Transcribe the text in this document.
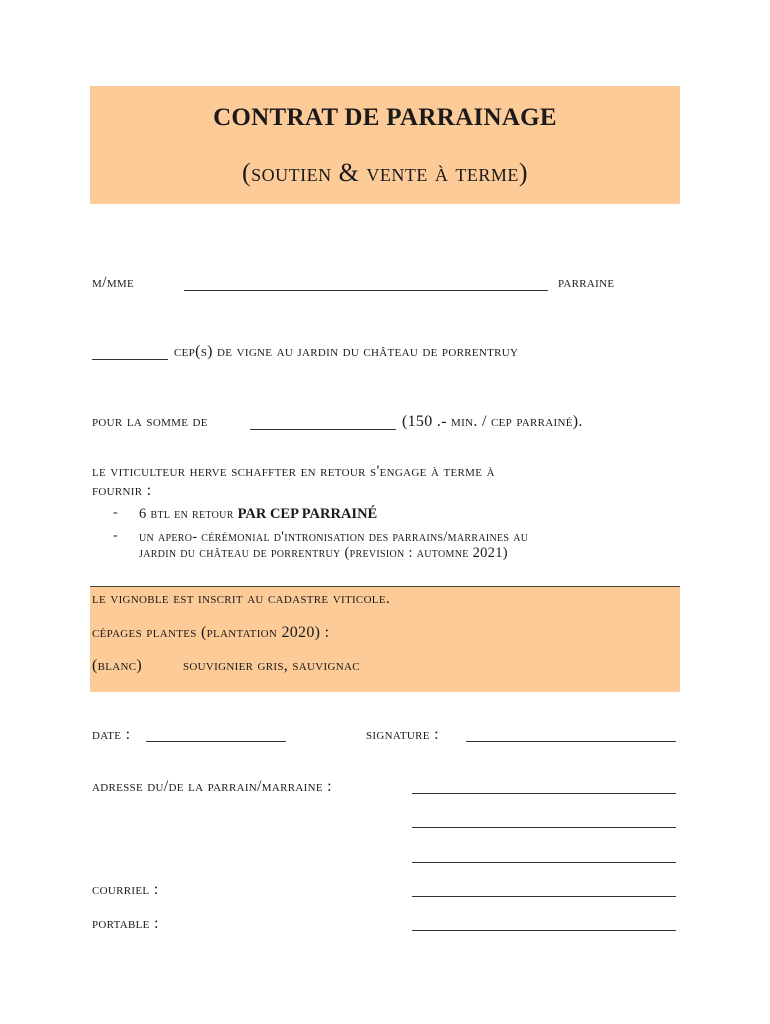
CONTRAT DE PARRAINAGE
(soutien & vente à terme)
m/mme	parraine
cep(s) de vigne au jardin du château de porrentruy
pour la somme de	(150 .- min. / cep parrainé).
le viticulteur herve schaffter en retour s'engage à terme à
fournir :
- 6 btl en retour PAR CEP PARRAINÉ
- un apero- cérémonial d'intronisation des parrains/marraines au
jardin du château de porrentruy (prevision : automne 2021)
le vignoble est inscrit au cadastre viticole.
cépages plantes (plantation 2020) :
(blanc)	souvignier gris, sauvignac
date :	signature :
adresse du/de la parrain/marraine :
courriel :
portable :
